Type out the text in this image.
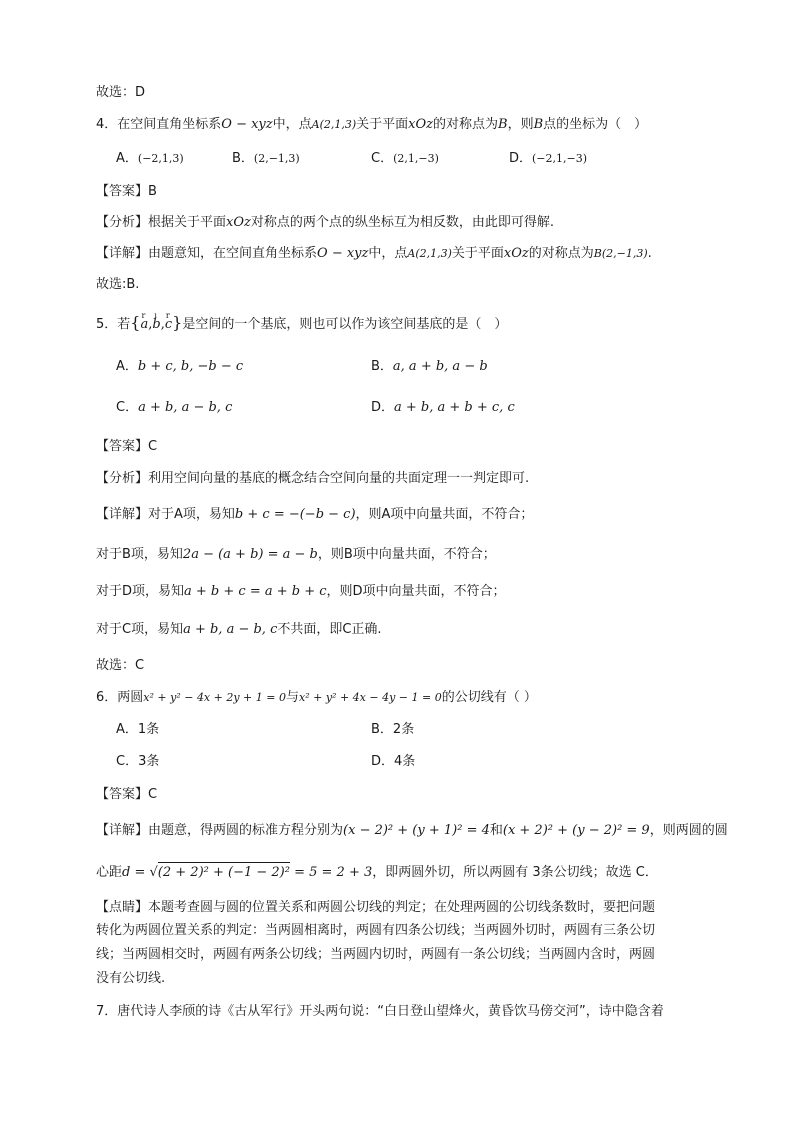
故选：D
4．在空间直角坐标系O − xyz中，点A(2,1,3)关于平面xOz的对称点为B，则B点的坐标为（　）
A．(−2,1,3)	B．(2,−1,3)	C．(2,1,−3)	D．(−2,1,−3)
【答案】B
【分析】根据关于平面xOz对称点的两个点的纵坐标互为相反数，由此即可得解.
【详解】由题意知，在空间直角坐标系O − xyz中，点A(2,1,3)关于平面xOz的对称点为B(2,−1,3).
故选:B.
5．若{r a,ı b,r c}是空间的一个基底，则也可以作为该空间基底的是（　）
A．b + c, b, −b − c	B．a, a + b, a − b
C．a + b, a − b, c	D．a + b, a + b + c, c
【答案】C
【分析】利用空间向量的基底的概念结合空间向量的共面定理一一判定即可.
【详解】对于A项，易知b + c = −(−b − c)，则A项中向量共面，不符合；
对于B项，易知2a − (a + b) = a − b，则B项中向量共面，不符合；
对于D项，易知a + b + c = a + b + c，则D项中向量共面，不符合；
对于C项，易知a + b, a − b, c不共面，即C正确.
故选：C
6．两圆x² + y² − 4x + 2y + 1 = 0与x² + y² + 4x − 4y − 1 = 0的公切线有（ ）
A．1条	B．2条
C．3条	D．4条
【答案】C
【详解】由题意，得两圆的标准方程分别为(x − 2)² + (y + 1)² = 4和(x + 2)² + (y − 2)² = 9，则两圆的圆
心距d = √(2 + 2)² + (−1 − 2)² = 5 = 2 + 3，即两圆外切，所以两圆有 3条公切线；故选 C．
【点睛】本题考查圆与圆的位置关系和两圆公切线的判定；在处理两圆的公切线条数时，要把问题
转化为两圆位置关系的判定：当两圆相离时，两圆有四条公切线；当两圆外切时，两圆有三条公切
线；当两圆相交时，两圆有两条公切线；当两圆内切时，两圆有一条公切线；当两圆内含时，两圆
没有公切线.
7．唐代诗人李颀的诗《古从军行》开头两句说：“白日登山望烽火，黄昏饮马傍交河”，诗中隐含着
